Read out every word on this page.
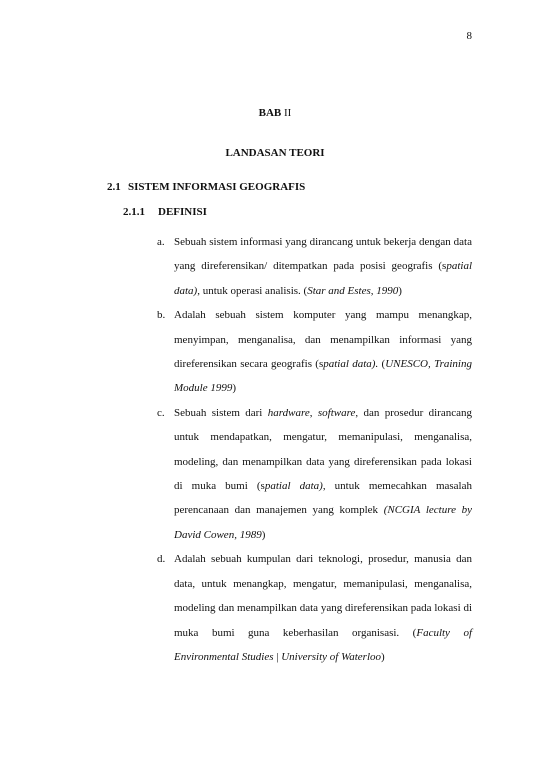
8
BAB II
LANDASAN TEORI
2.1 SISTEM INFORMASI GEOGRAFIS
2.1.1 DEFINISI
a. Sebuah sistem informasi yang dirancang untuk bekerja dengan data yang direferensikan/ ditempatkan pada posisi geografis (spatial data), untuk operasi analisis. (Star and Estes, 1990)
b. Adalah sebuah sistem komputer yang mampu menangkap, menyimpan, menganalisa, dan menampilkan informasi yang direferensikan secara geografis (spatial data). (UNESCO, Training Module 1999)
c. Sebuah sistem dari hardware, software, dan prosedur dirancang untuk mendapatkan, mengatur, memanipulasi, menganalisa, modeling, dan menampilkan data yang direferensikan pada lokasi di muka bumi (spatial data), untuk memecahkan masalah perencanaan dan manajemen yang komplek (NCGIA lecture by David Cowen, 1989)
d. Adalah sebuah kumpulan dari teknologi, prosedur, manusia dan data, untuk menangkap, mengatur, memanipulasi, menganalisa, modeling dan menampilkan data yang direferensikan pada lokasi di muka bumi guna keberhasilan organisasi. (Faculty of Environmental Studies | University of Waterloo)
